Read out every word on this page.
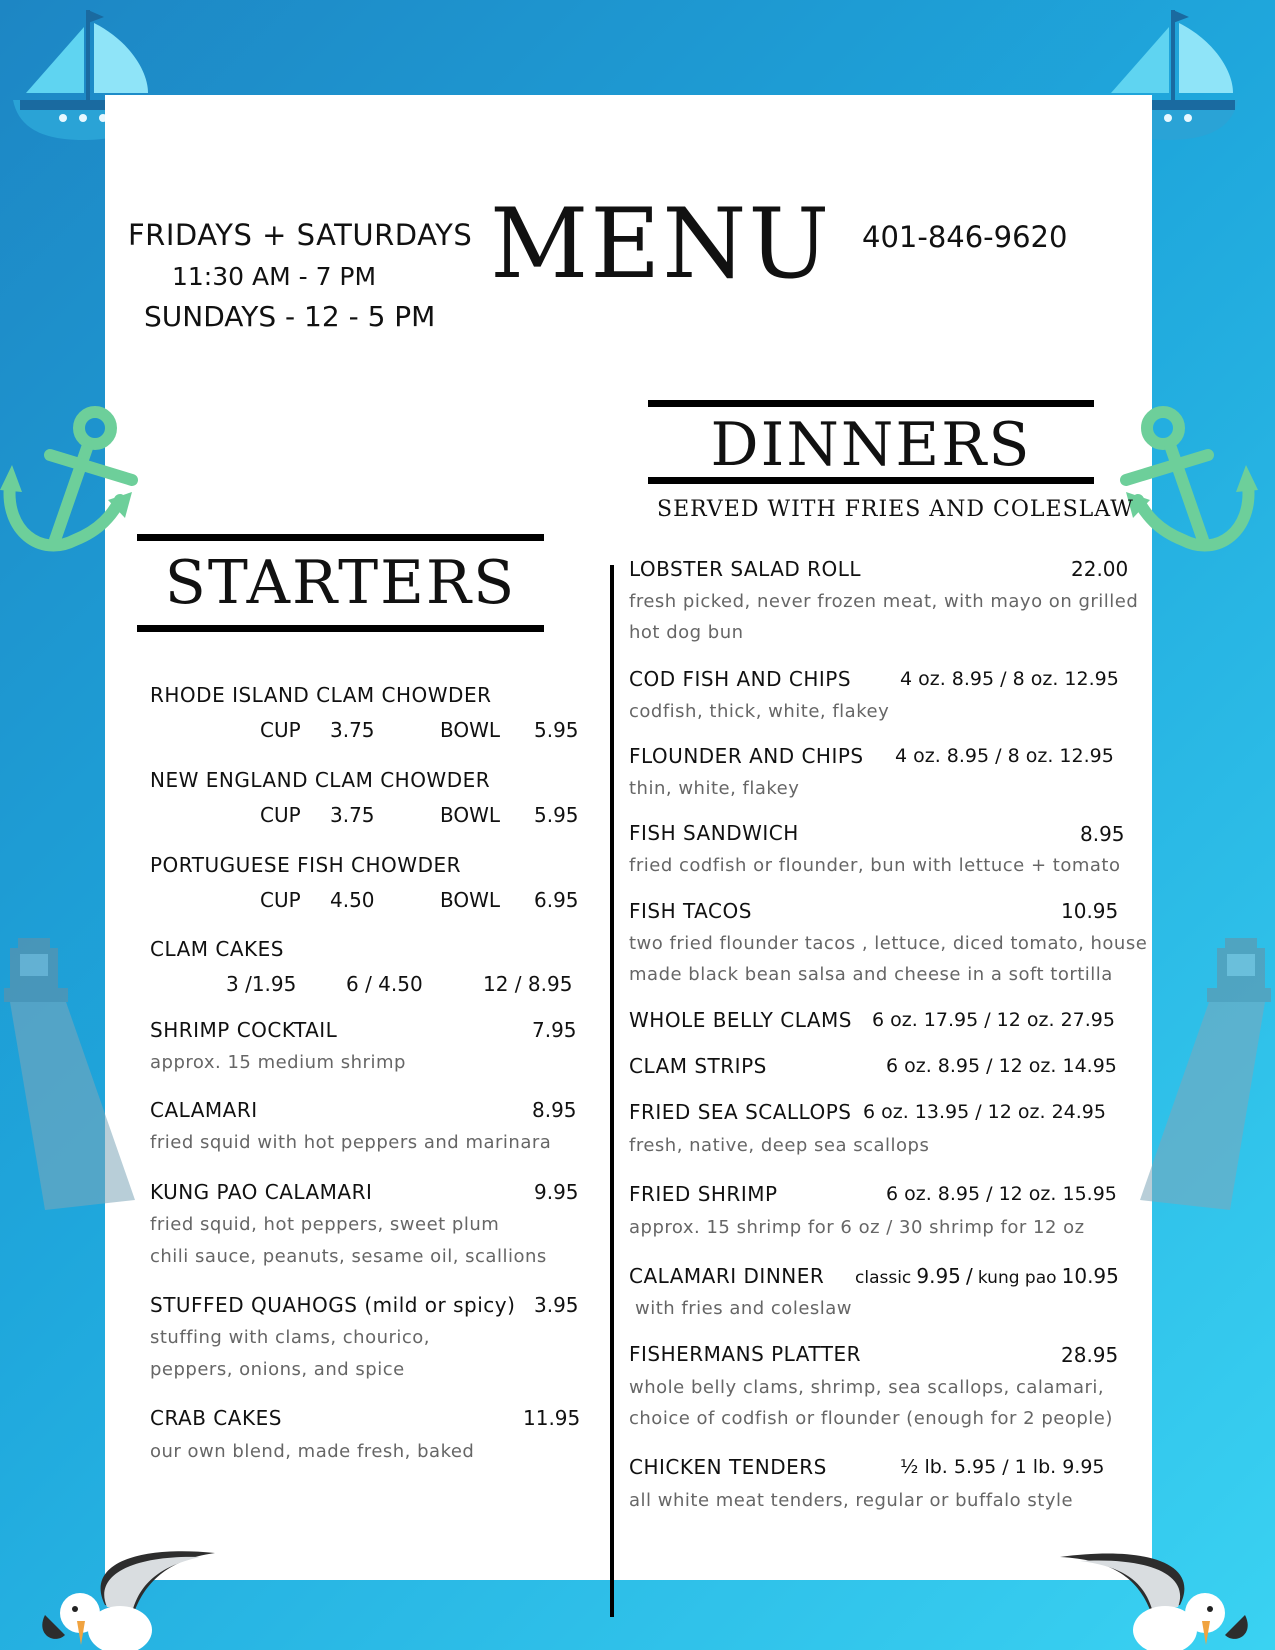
FRIDAYS + SATURDAYS
11:30 AM - 7 PM
SUNDAYS - 12 - 5 PM
MENU 401-846-9620
DINNERS
SERVED WITH FRIES AND COLESLAW
STARTERS
RHODE ISLAND CLAM CHOWDER
CUP 3.75	BOWL 5.95
NEW ENGLAND CLAM CHOWDER
CUP 3.75	BOWL 5.95
PORTUGUESE FISH CHOWDER
CUP 4.50	BOWL 6.95
CLAM CAKES
3 /1.95 6 / 4.50	12 / 8.95
SHRIMP COCKTAIL	7.95
approx. 15 medium shrimp
CALAMARI	8.95
fried squid with hot peppers and marinara
KUNG PAO CALAMARI	9.95
fried squid, hot peppers, sweet plum
chili sauce, peanuts, sesame oil, scallions
STUFFED QUAHOGS (mild or spicy) 3.95
stuffing with clams, chourico,
peppers, onions, and spice
CRAB CAKES	11.95
our own blend, made fresh, baked
LOBSTER SALAD ROLL	22.00
fresh picked, never frozen meat, with mayo on grilled
hot dog bun
COD FISH AND CHIPS	4 oz. 8.95 / 8 oz. 12.95
codfish, thick, white, flakey
FLOUNDER AND CHIPS 4 oz. 8.95 / 8 oz. 12.95
thin, white, flakey
FISH SANDWICH	8.95
fried codfish or flounder, bun with lettuce + tomato
FISH TACOS	10.95
two fried flounder tacos , lettuce, diced tomato, house
made black bean salsa and cheese in a soft tortilla
WHOLE BELLY CLAMS 6 oz. 17.95 / 12 oz. 27.95
CLAM STRIPS	6 oz. 8.95 / 12 oz. 14.95
FRIED SEA SCALLOPS 6 oz. 13.95 / 12 oz. 24.95
fresh, native, deep sea scallops
FRIED SHRIMP	6 oz. 8.95 / 12 oz. 15.95
approx. 15 shrimp for 6 oz / 30 shrimp for 12 oz
CALAMARI DINNER classic 9.95 / kung pao 10.95
with fries and coleslaw
FISHERMANS PLATTER	28.95
whole belly clams, shrimp, sea scallops, calamari,
choice of codfish or flounder (enough for 2 people)
CHICKEN TENDERS	½ lb. 5.95 / 1 lb. 9.95
all white meat tenders, regular or buffalo style
